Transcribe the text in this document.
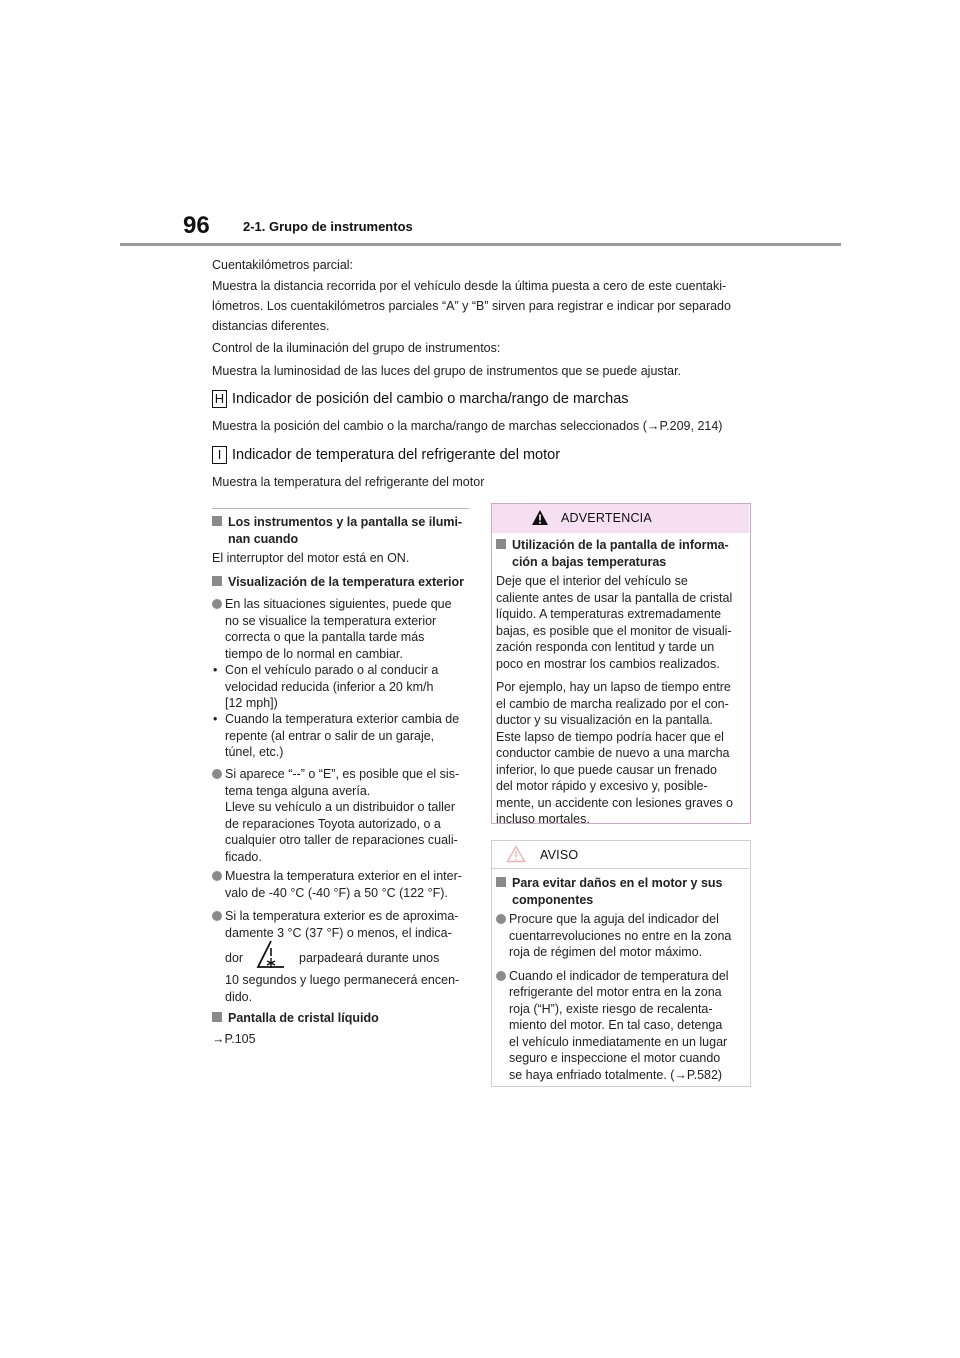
96	2-1. Grupo de instrumentos
Cuentakilómetros parcial:
Muestra la distancia recorrida por el vehículo desde la última puesta a cero de este cuentaki-
lómetros. Los cuentakilómetros parciales “A” y “B” sirven para registrar e indicar por separado
distancias diferentes.
Control de la iluminación del grupo de instrumentos:
Muestra la luminosidad de las luces del grupo de instrumentos que se puede ajustar.
H Indicador de posición del cambio o marcha/rango de marchas
Muestra la posición del cambio o la marcha/rango de marchas seleccionados (→P.209, 214)
I Indicador de temperatura del refrigerante del motor
Muestra la temperatura del refrigerante del motor
Los instrumentos y la pantalla se ilumi-
nan cuando
El interruptor del motor está en ON.
Visualización de la temperatura exterior
En las situaciones siguientes, puede que
no se visualice la temperatura exterior
correcta o que la pantalla tarde más
tiempo de lo normal en cambiar.
• Con el vehículo parado o al conducir a
velocidad reducida (inferior a 20 km/h
[12 mph])
• Cuando la temperatura exterior cambia de
repente (al entrar o salir de un garaje,
túnel, etc.)
Si aparece “--” o “E”, es posible que el sis-
tema tenga alguna avería.
Lleve su vehículo a un distribuidor o taller
de reparaciones Toyota autorizado, o a
cualquier otro taller de reparaciones cuali-
ficado.
Muestra la temperatura exterior en el inter-
valo de -40 °C (-40 °F) a 50 °C (122 °F).
Si la temperatura exterior es de aproxima-
damente 3 °C (37 °F) o menos, el indica-
dor	parpadeará durante unos
10 segundos y luego permanecerá encen-
dido.
Pantalla de cristal líquido
→P.105
ADVERTENCIA
Utilización de la pantalla de informa-
ción a bajas temperaturas
Deje que el interior del vehículo se
caliente antes de usar la pantalla de cristal
líquido. A temperaturas extremadamente
bajas, es posible que el monitor de visuali-
zación responda con lentitud y tarde un
poco en mostrar los cambios realizados.
Por ejemplo, hay un lapso de tiempo entre
el cambio de marcha realizado por el con-
ductor y su visualización en la pantalla.
Este lapso de tiempo podría hacer que el
conductor cambie de nuevo a una marcha
inferior, lo que puede causar un frenado
del motor rápido y excesivo y, posible-
mente, un accidente con lesiones graves o
incluso mortales.
AVISO
Para evitar daños en el motor y sus
componentes
Procure que la aguja del indicador del
cuentarrevoluciones no entre en la zona
roja de régimen del motor máximo.
Cuando el indicador de temperatura del
refrigerante del motor entra en la zona
roja (“H”), existe riesgo de recalenta-
miento del motor. En tal caso, detenga
el vehículo inmediatamente en un lugar
seguro e inspeccione el motor cuando
se haya enfriado totalmente. (→P.582)
